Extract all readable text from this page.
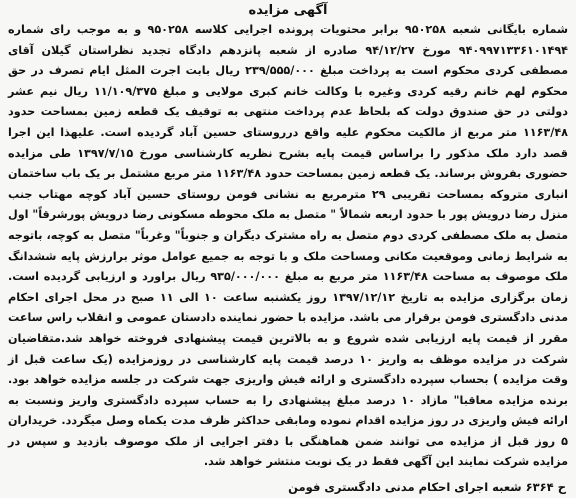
آگهی مزایده

شماره بایگانی شعبه ۹۵۰۲۵۸ برابر محتویات پرونده اجرایی کلاسه ۹۵۰۲۵۸ و به موجب رای شماره ۹۴۰۹۹۷۱۳۳۶۱۰۱۴۹۴ مورخ ۹۴/۱۲/۲۷ صادره از شعبه پانزدهم دادگاه تجدید نظراستان گیلان آقای مصطفی کردی محکوم است به پرداخت مبلغ ۲۳۹/۵۵۵/۰۰۰ ریال بابت اجرت المثل ایام تصرف در حق محکوم لهم خانم رقیه کردی وغیره با وکالت خانم کبری مولایی و مبلغ ۱۱/۱۰۹/۳۷۵ ریال نیم عشر دولتی در حق صندوق دولت که بلحاظ عدم پرداخت منتهی به توقیف یک قطعه زمین بمساحت حدود ۱۱۶۳/۴۸ متر مربع از مالکیت محکوم علیه واقع درروستای حسین آباد گردیده است. علیهذا این اجرا قصد دارد ملک مذکور را براساس قیمت پایه بشرح نظریه کارشناسی مورخ ۱۳۹۷/۷/۱۵ طی مزایده حضوری بفروش برساند. یک قطعه زمین بمساحت حدود ۱۱۶۳/۴۸ متر مربع مشتمل بر یک باب ساختمان انباری متروکه بمساحت تقریبی ۲۹ مترمربع به نشانی فومن روستای حسین آباد کوچه مهتاب جنب منزل رضا درویش پور با حدود اربعه شمالاً " متصل به ملک محوطه مسکونی رضا درویش پورشرقاً" اول متصل به ملک مصطفی کردی دوم متصل به راه مشترک دیگران و جنوباً" وغرباً" متصل به کوچه، باتوجه به شرایط زمانی وموقعیت مکانی ومساحت ملک و با توجه به جمیع عوامل موثر برارزش پایه ششدانگ ملک موصوف به مساحت ۱۱۶۳/۴۸ متر مربع به مبلغ ۹۳۵/۰۰۰/۰۰۰ ریال براورد و ارزیابی گردیده است. زمان برگزاری مزایده به تاریخ ۱۳۹۷/۱۲/۱۲ روز یکشنبه ساعت ۱۰ الی ۱۱ صبح در محل اجرای احکام مدنی دادگستری فومن برقرار می باشد. مزایده با حضور نماینده دادستان عمومی و انقلاب راس ساعت مقرر از قیمت پایه ارزیابی شده شروع و به بالاترین قیمت پیشنهادی فروخته خواهد شد.متقاضیان شرکت در مزایده موظف به واریز ۱۰ درصد قیمت پایه کارشناسی در روزمزایده (یک ساعت قبل از وقت مزایده ) بحساب سپرده دادگستری و ارائه فیش واریزی جهت شرکت در جلسه مزایده خواهد بود. برنده مزایده معاقبا" مازاد ۱۰ درصد مبلغ پیشنهادی را به حساب سپرده دادگستری واریز ونسبت به ارائه فیش واریزی در روز مزایده اقدام نموده ومابقی حداکثر ظرف مدت یکماه وصل میگردد. خریداران ۵ روز قبل از مزایده می توانند ضمن هماهنگی با دفتر اجرایی از ملک موصوف بازدید و سپس در مزایده شرکت نمایند این آگهی فقط در یک نوبت منتشر خواهد شد.

ح ۶۳۶۴ شعبه اجرای احکام مدنی دادگستری فومن
